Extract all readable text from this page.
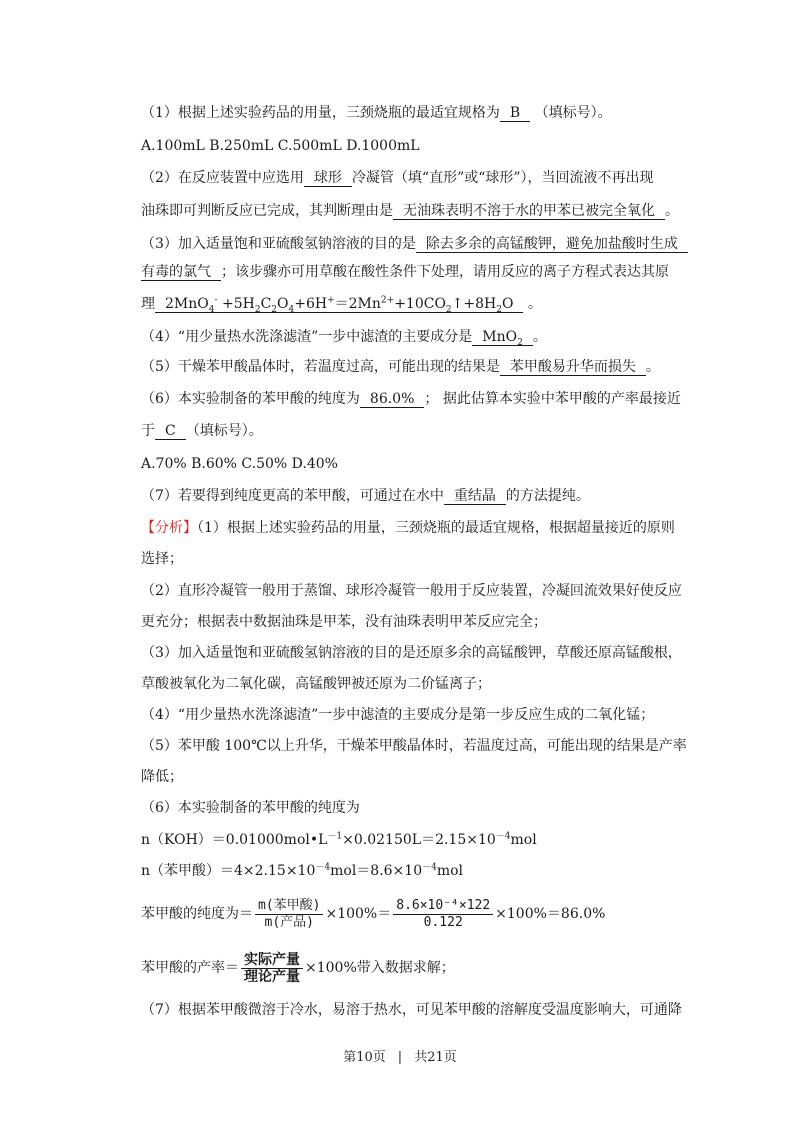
（1）根据上述实验药品的用量，三颈烧瓶的最适宜规格为 B （填标号）。
A.100mL B.250mL C.500mL D.1000mL
（2）在反应装置中应选用 球形 冷凝管（填“直形”或“球形”），当回流液不再出现
油珠即可判断反应已完成，其判断理由是 无油珠表明不溶于水的甲苯已被完全氧化 。
（3）加入适量饱和亚硫酸氢钠溶液的目的是 除去多余的高锰酸钾，避免加盐酸时生成
有毒的氯气 ；该步骤亦可用草酸在酸性条件下处理，请用反应的离子方程式表达其原
理 $2MnO_4^- +5H_2C_2O_4+6H^+=2Mn^{2+}+10CO_2↑+8H_2O$ 。
（4）“用少量热水洗涤滤渣”一步中滤渣的主要成分是 MnO$_2$ 。
（5）干燥苯甲酸晶体时，若温度过高，可能出现的结果是 苯甲酸易升华而损失 。
（6）本实验制备的苯甲酸的纯度为 86.0% ； 据此估算本实验中苯甲酸的产率最接近
于 C （填标号）。
A.70% B.60% C.50% D.40%
（7）若要得到纯度更高的苯甲酸，可通过在水中 重结晶 的方法提纯。
【分析】（1）根据上述实验药品的用量，三颈烧瓶的最适宜规格，根据超量接近的原则
选择；
（2）直形冷凝管一般用于蒸馏、球形冷凝管一般用于反应装置，冷凝回流效果好使反应
更充分；根据表中数据油珠是甲苯，没有油珠表明甲苯反应完全；
（3）加入适量饱和亚硫酸氢钠溶液的目的是还原多余的高锰酸钾，草酸还原高锰酸根，
草酸被氧化为二氧化碳，高锰酸钾被还原为二价锰离子；
（4）“用少量热水洗涤滤渣”一步中滤渣的主要成分是第一步反应生成的二氧化锰；
（5）苯甲酸 100℃以上升华，干燥苯甲酸晶体时，若温度过高，可能出现的结果是产率
降低；
（6）本实验制备的苯甲酸的纯度为
$n(KOH)=0.01000mol•L^{-1}\times 0.02150L=2.15\times 10^{-4}mol$
n（苯甲酸）$=4\times 2.15\times 10^{-4}mol=8.6\times 10^{-4}mol$
苯甲酸的纯度为＝ $\frac{\text{m(苯甲酸)}}{\text{m(产品)}} \times 100\%= \frac{\text{8.6×10⁻⁴×122}}{0.122} \times 100\%=86.0\%$
苯甲酸的产率＝ $\frac{\text{实际产量}}{\text{理论产量}} \times 100\%$带入数据求解；
（7）根据苯甲酸微溶于冷水，易溶于热水，可见苯甲酸的溶解度受温度影响大，可通降
第10页 | 共21页
